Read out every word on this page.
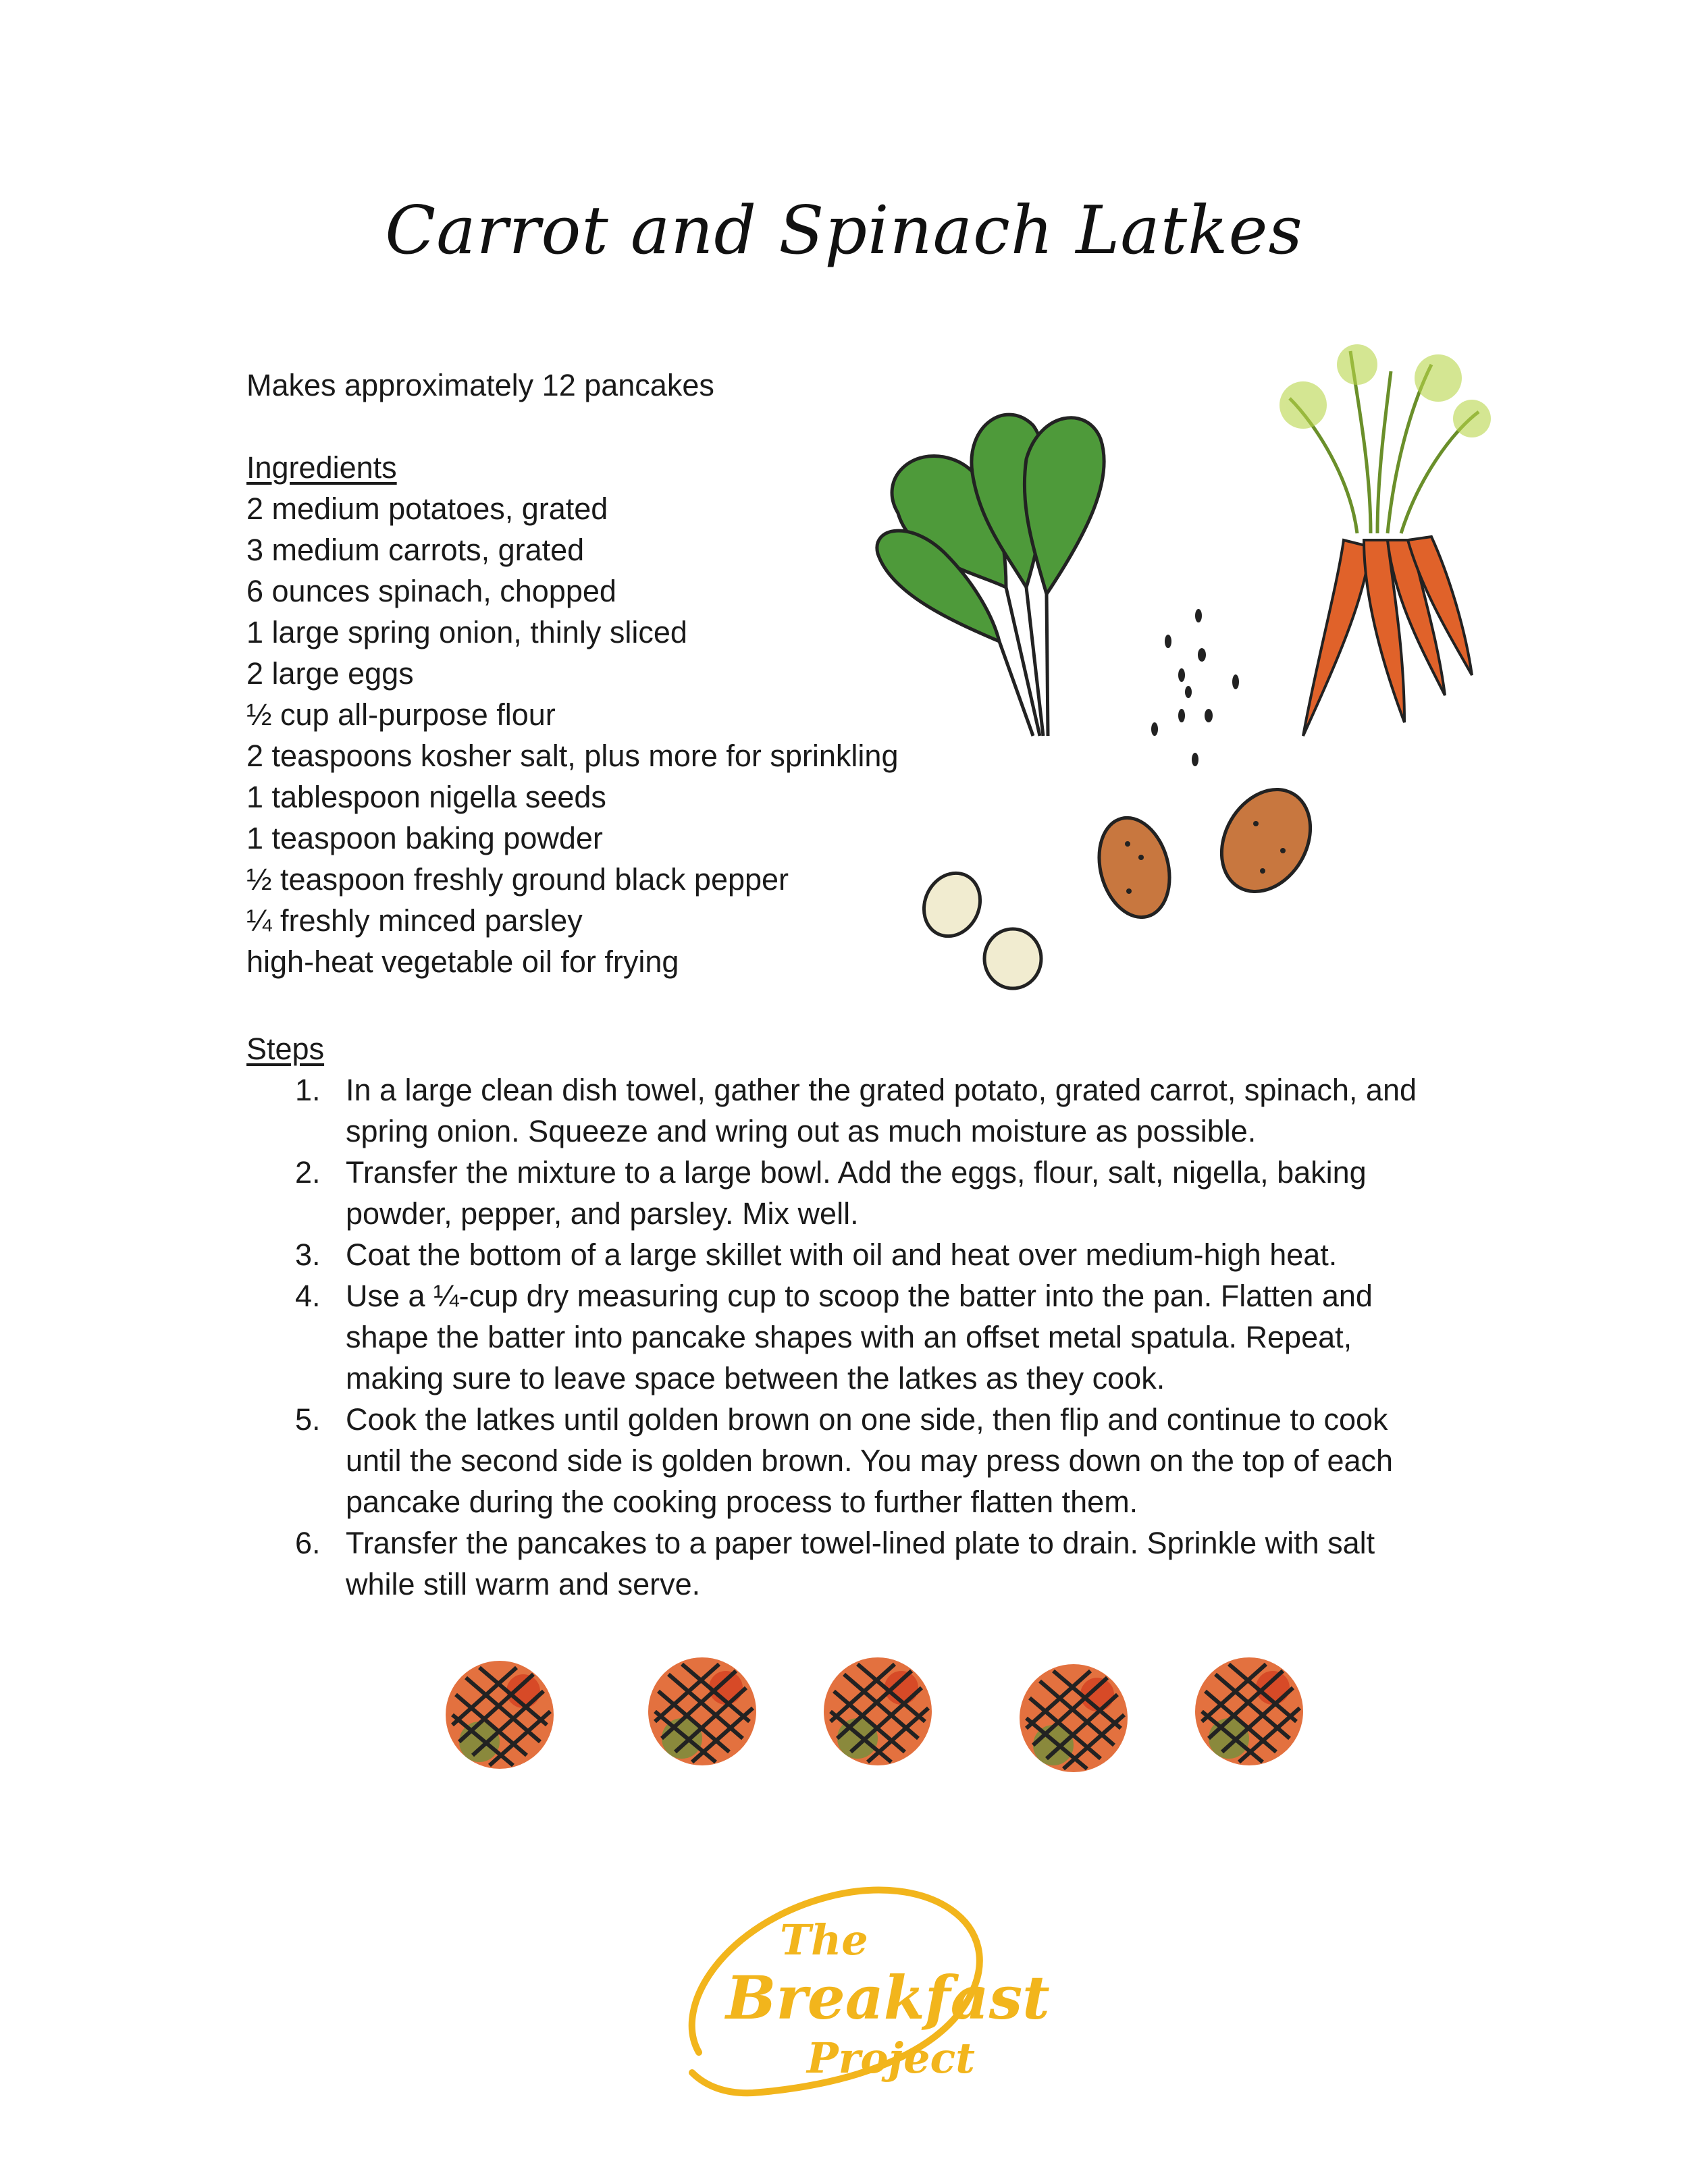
Carrot and Spinach Latkes

Makes approximately 12 pancakes

Ingredients

2 medium potatoes, grated
3 medium carrots, grated
6 ounces spinach, chopped
1 large spring onion, thinly sliced
2 large eggs
½ cup all-purpose flour
2 teaspoons kosher salt, plus more for sprinkling
1 tablespoon nigella seeds
1 teaspoon baking powder
½ teaspoon freshly ground black pepper
¼ freshly minced parsley
high-heat vegetable oil for frying

Steps

1. In a large clean dish towel, gather the grated potato, grated carrot, spinach, and spring onion. Squeeze and wring out as much moisture as possible.
2. Transfer the mixture to a large bowl. Add the eggs, flour, salt, nigella, baking powder, pepper, and parsley. Mix well.
3. Coat the bottom of a large skillet with oil and heat over medium-high heat.
4. Use a ¼-cup dry measuring cup to scoop the batter into the pan. Flatten and shape the batter into pancake shapes with an offset metal spatula. Repeat, making sure to leave space between the latkes as they cook.
5. Cook the latkes until golden brown on one side, then flip and continue to cook until the second side is golden brown. You may press down on the top of each pancake during the cooking process to further flatten them.
6. Transfer the pancakes to a paper towel-lined plate to drain. Sprinkle with salt while still warm and serve.
The
Breakfast
Project
